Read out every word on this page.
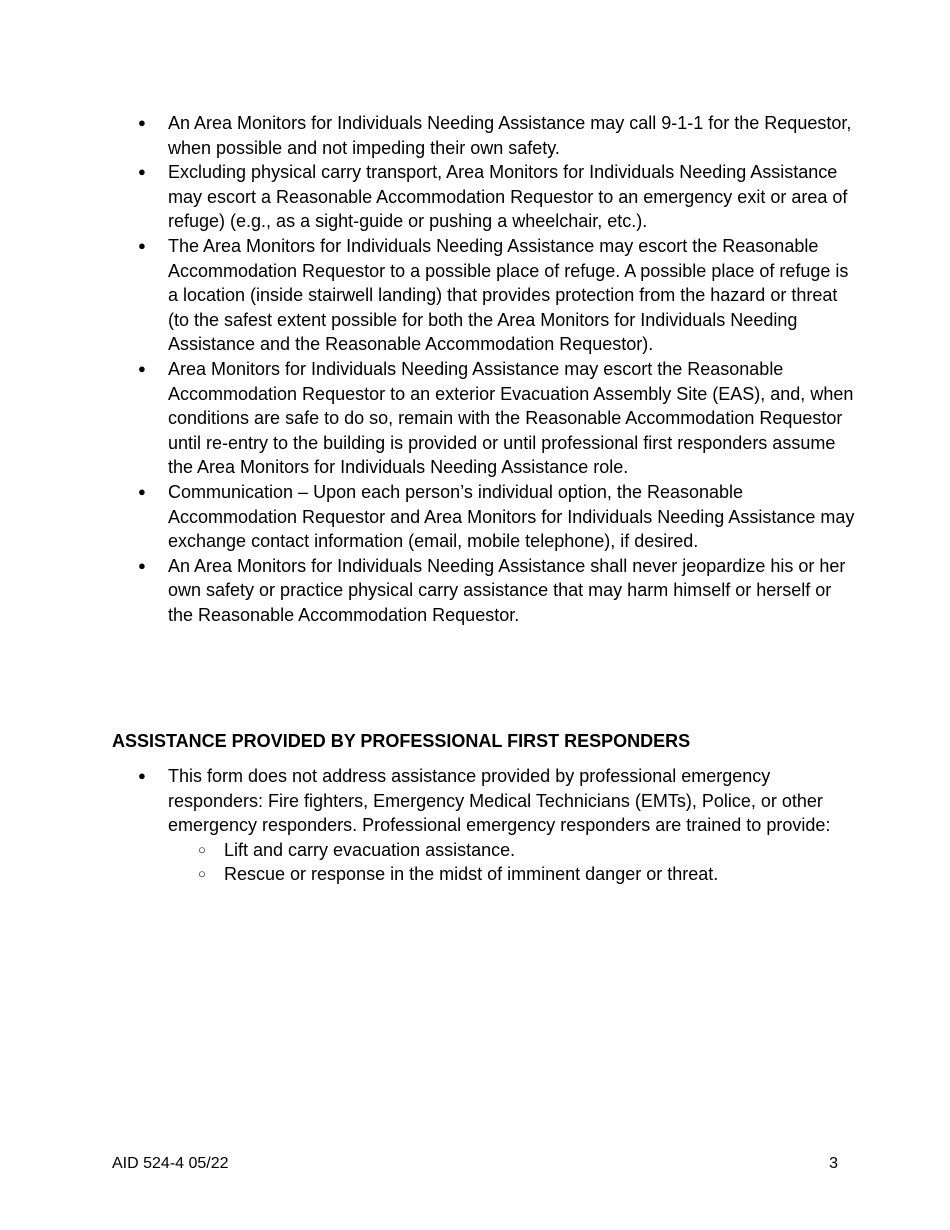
● An Area Monitors for Individuals Needing Assistance may call 9-1-1 for the Requestor, when possible and not impeding their own safety.
● Excluding physical carry transport, Area Monitors for Individuals Needing Assistance may escort a Reasonable Accommodation Requestor to an emergency exit or area of refuge) (e.g., as a sight-guide or pushing a wheelchair, etc.).
● The Area Monitors for Individuals Needing Assistance may escort the Reasonable Accommodation Requestor to a possible place of refuge. A possible place of refuge is a location (inside stairwell landing) that provides protection from the hazard or threat (to the safest extent possible for both the Area Monitors for Individuals Needing Assistance and the Reasonable Accommodation Requestor).
● Area Monitors for Individuals Needing Assistance may escort the Reasonable Accommodation Requestor to an exterior Evacuation Assembly Site (EAS), and, when conditions are safe to do so, remain with the Reasonable Accommodation Requestor until re-entry to the building is provided or until professional first responders assume the Area Monitors for Individuals Needing Assistance role.
● Communication – Upon each person’s individual option, the Reasonable Accommodation Requestor and Area Monitors for Individuals Needing Assistance may exchange contact information (email, mobile telephone), if desired.
● An Area Monitors for Individuals Needing Assistance shall never jeopardize his or her own safety or practice physical carry assistance that may harm himself or herself or the Reasonable Accommodation Requestor.
ASSISTANCE PROVIDED BY PROFESSIONAL FIRST RESPONDERS
● This form does not address assistance provided by professional emergency responders: Fire fighters, Emergency Medical Technicians (EMTs), Police, or other emergency responders. Professional emergency responders are trained to provide:
○ Lift and carry evacuation assistance.
○ Rescue or response in the midst of imminent danger or threat.
AID 524-4 05/22	3
